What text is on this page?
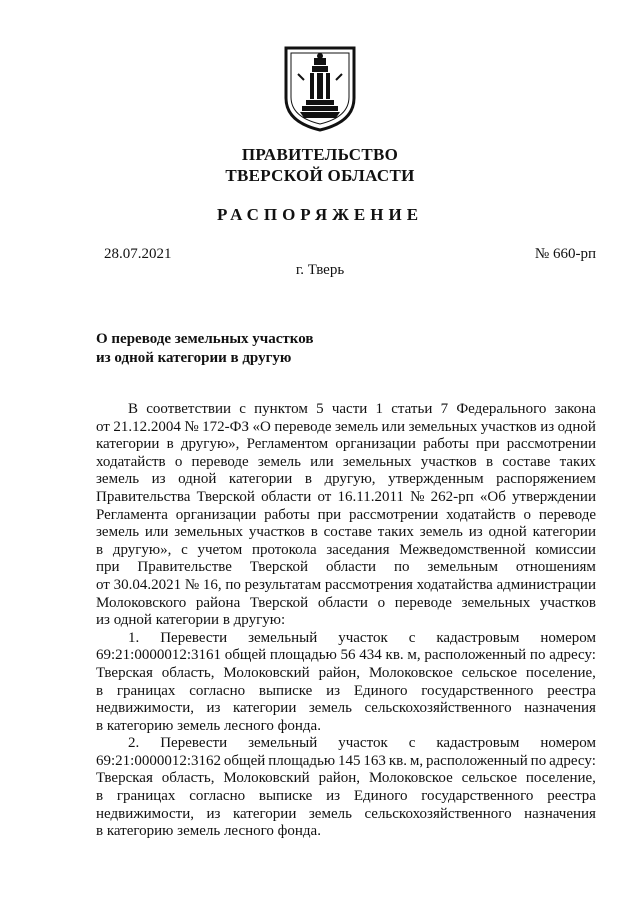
ПРАВИТЕЛЬСТВО
ТВЕРСКОЙ ОБЛАСТИ
РАСПОРЯЖЕНИЕ
28.07.2021	№ 660-рп
г. Тверь
О переводе земельных участков
из одной категории в другую
В соответствии с пунктом 5 части 1 статьи 7 Федерального закона
от 21.12.2004 № 172-ФЗ «О переводе земель или земельных участков из одной
категории в другую», Регламентом организации работы при рассмотрении
ходатайств о переводе земель или земельных участков в составе таких
земель из одной категории в другую, утвержденным распоряжением
Правительства Тверской области от 16.11.2011 № 262-рп «Об утверждении
Регламента организации работы при рассмотрении ходатайств о переводе
земель или земельных участков в составе таких земель из одной категории
в другую», с учетом протокола заседания Межведомственной комиссии
при Правительстве Тверской области по земельным отношениям
от 30.04.2021 № 16, по результатам рассмотрения ходатайства администрации
Молоковского района Тверской области о переводе земельных участков
из одной категории в другую:
1. Перевести земельный участок с кадастровым номером
69:21:0000012:3161 общей площадью 56 434 кв. м, расположенный по адресу:
Тверская область, Молоковский район, Молоковское сельское поселение,
в границах согласно выписке из Единого государственного реестра
недвижимости, из категории земель сельскохозяйственного назначения
в категорию земель лесного фонда.
2. Перевести земельный участок с кадастровым номером
69:21:0000012:3162 общей площадью 145 163 кв. м, расположенный по адресу:
Тверская область, Молоковский район, Молоковское сельское поселение,
в границах согласно выписке из Единого государственного реестра
недвижимости, из категории земель сельскохозяйственного назначения
в категорию земель лесного фонда.
